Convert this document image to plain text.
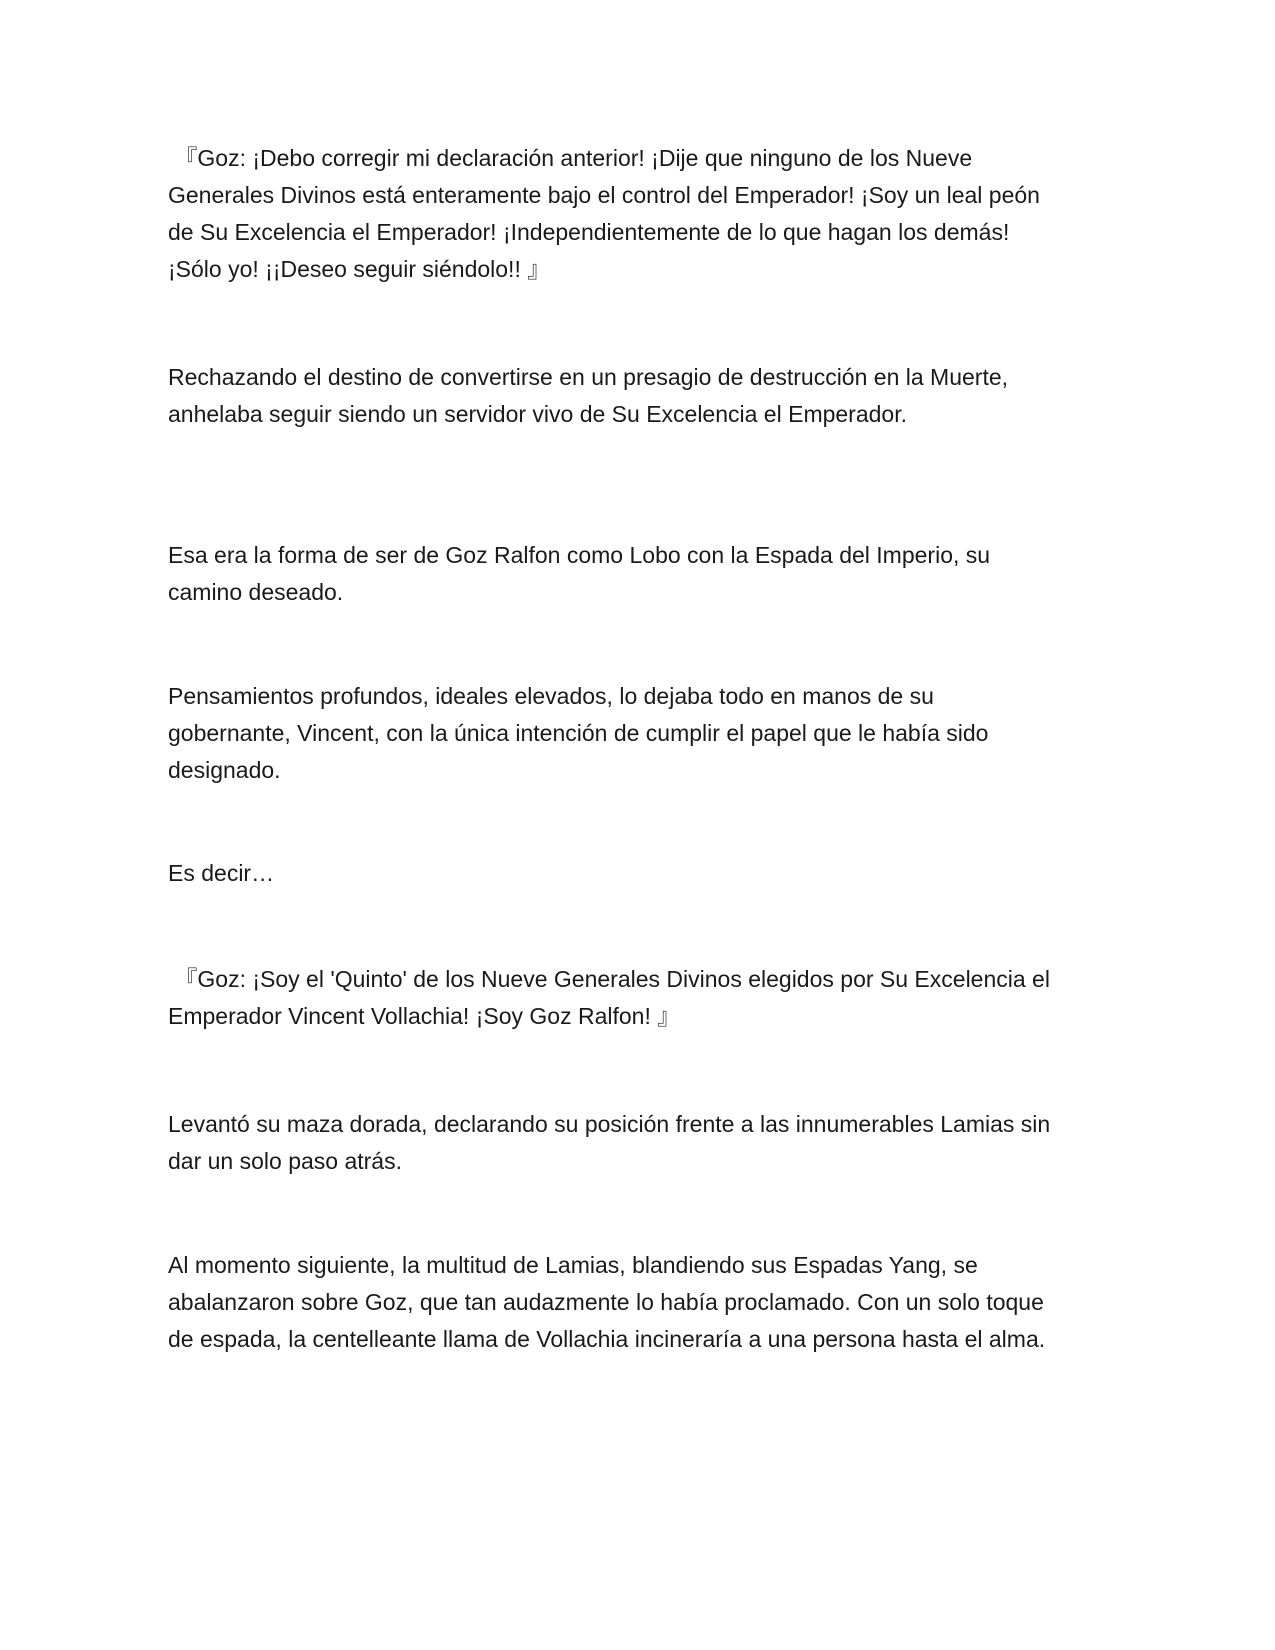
『Goz: ¡Debo corregir mi declaración anterior! ¡Dije que ninguno de los Nueve Generales Divinos está enteramente bajo el control del Emperador! ¡Soy un leal peón de Su Excelencia el Emperador! ¡Independientemente de lo que hagan los demás! ¡Sólo yo! ¡¡Deseo seguir siéndolo!! 』

Rechazando el destino de convertirse en un presagio de destrucción en la Muerte, anhelaba seguir siendo un servidor vivo de Su Excelencia el Emperador.

Esa era la forma de ser de Goz Ralfon como Lobo con la Espada del Imperio, su camino deseado.

Pensamientos profundos, ideales elevados, lo dejaba todo en manos de su gobernante, Vincent, con la única intención de cumplir el papel que le había sido designado.

Es decir…

『Goz: ¡Soy el 'Quinto' de los Nueve Generales Divinos elegidos por Su Excelencia el Emperador Vincent Vollachia! ¡Soy Goz Ralfon! 』

Levantó su maza dorada, declarando su posición frente a las innumerables Lamias sin dar un solo paso atrás.

Al momento siguiente, la multitud de Lamias, blandiendo sus Espadas Yang, se abalanzaron sobre Goz, que tan audazmente lo había proclamado. Con un solo toque de espada, la centelleante llama de Vollachia incineraría a una persona hasta el alma.
